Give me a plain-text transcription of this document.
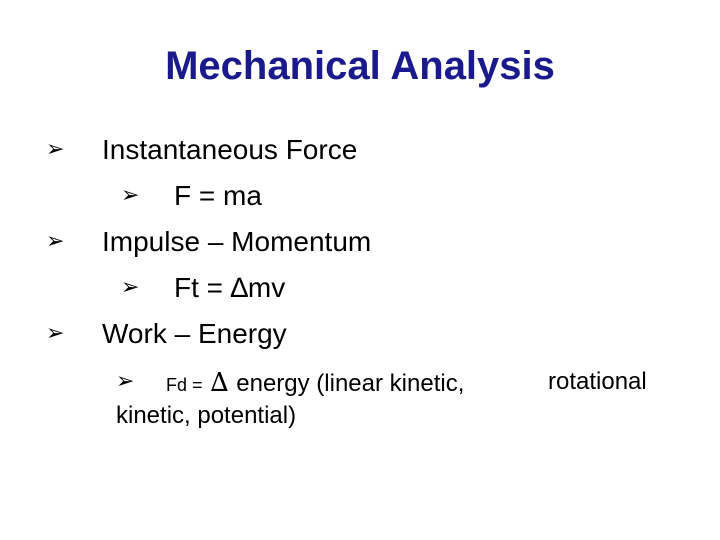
Mechanical Analysis
➢ Instantaneous Force
➢ F = ma
➢ Impulse – Momentum
➢ Ft = ∆mv
➢ Work – Energy
➢ Fd = ∆ energy (linear kinetic,	rotational
kinetic, potential)
